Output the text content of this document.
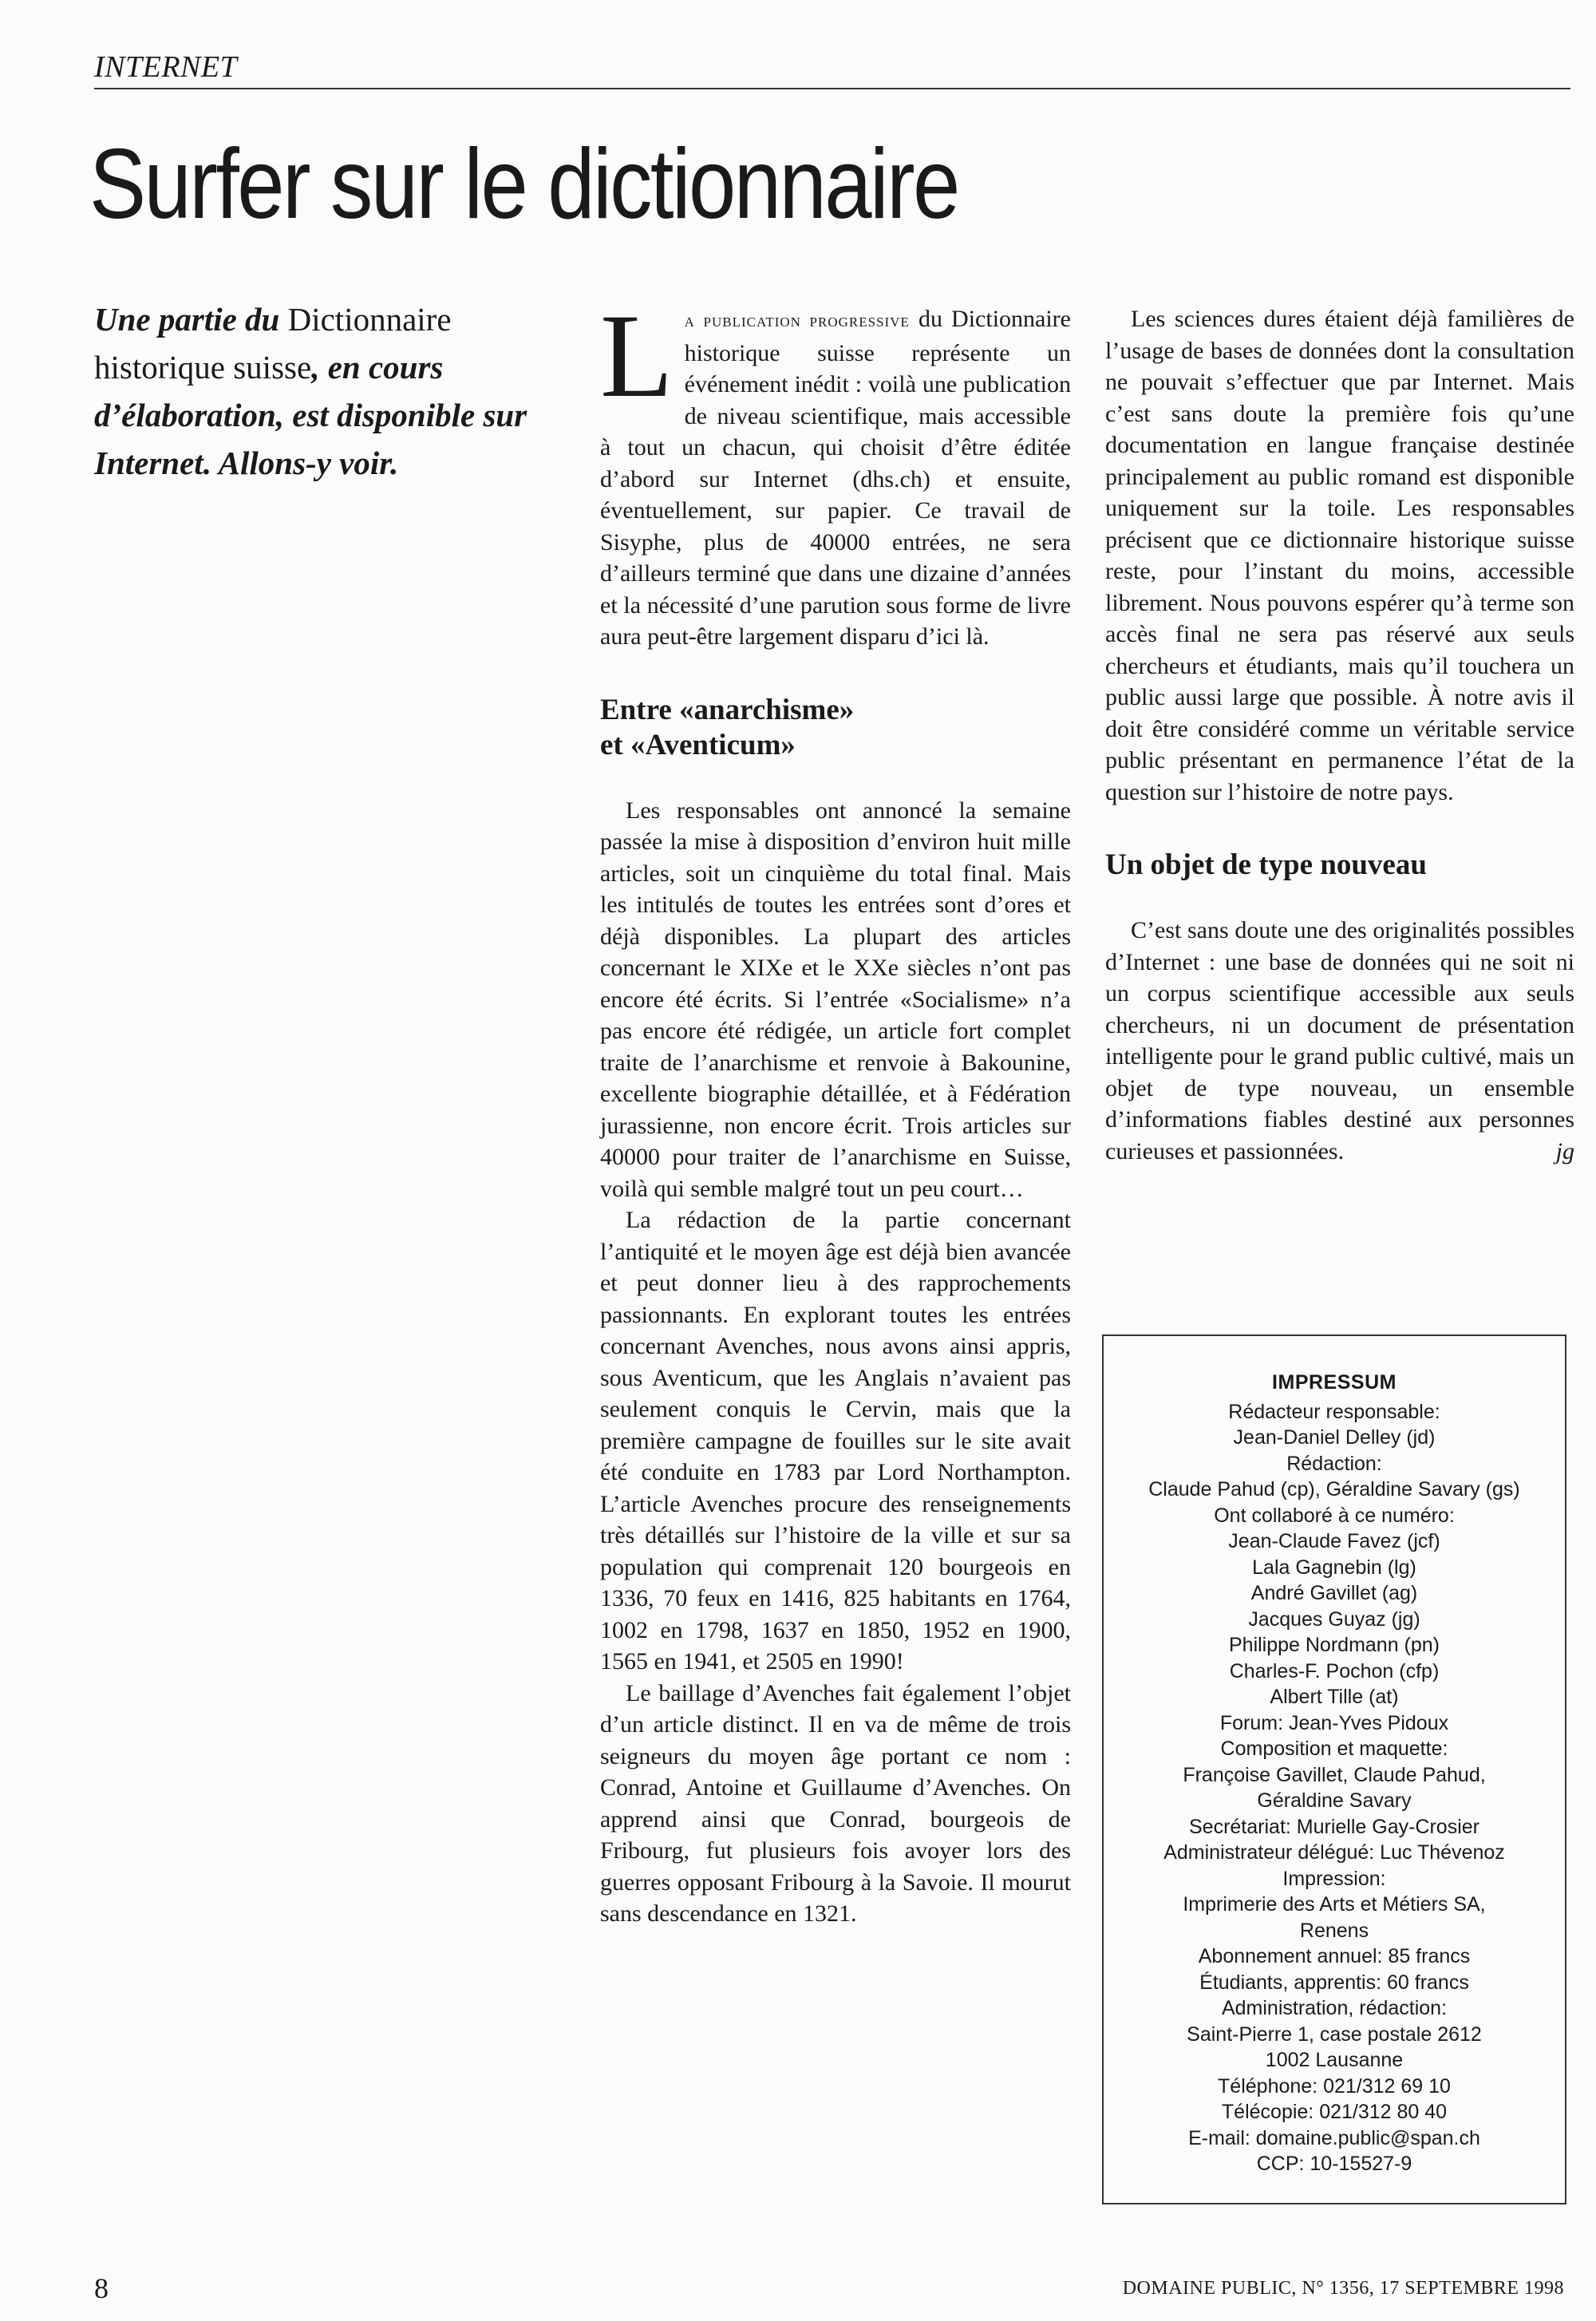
INTERNET
Surfer sur le dictionnaire
Une partie du Dictionnaire historique suisse, en cours d’élaboration, est disponible sur Internet. Allons-y voir.

La publication progressive du Dictionnaire historique suisse représente un événement inédit : voilà une publication de niveau scientifique, mais accessible à tout un chacun, qui choisit d’être éditée d’abord sur Internet (dhs.ch) et ensuite, éventuellement, sur papier. Ce travail de Sisyphe, plus de 40000 entrées, ne sera d’ailleurs terminé que dans une dizaine d’années et la nécessité d’une parution sous forme de livre aura peut-être largement disparu d’ici là.

Entre «anarchisme»
et «Aventicum»

Les responsables ont annoncé la semaine passée la mise à disposition d’environ huit mille articles, soit un cinquième du total final. Mais les intitulés de toutes les entrées sont d’ores et déjà disponibles. La plupart des articles concernant le XIXe et le XXe siècles n’ont pas encore été écrits. Si l’entrée «Socialisme» n’a pas encore été rédigée, un article fort complet traite de l’anarchisme et renvoie à Bakounine, excellente biographie détaillée, et à Fédération jurassienne, non encore écrit. Trois articles sur 40000 pour traiter de l’anarchisme en Suisse, voilà qui semble malgré tout un peu court…

La rédaction de la partie concernant l’antiquité et le moyen âge est déjà bien avancée et peut donner lieu à des rapprochements passionnants. En explorant toutes les entrées concernant Avenches, nous avons ainsi appris, sous Aventicum, que les Anglais n’avaient pas seulement conquis le Cervin, mais que la première campagne de fouilles sur le site avait été conduite en 1783 par Lord Northampton. L’article Avenches procure des renseignements très détaillés sur l’histoire de la ville et sur sa population qui comprenait 120 bourgeois en 1336, 70 feux en 1416, 825 habitants en 1764, 1002 en 1798, 1637 en 1850, 1952 en 1900, 1565 en 1941, et 2505 en 1990!

Le baillage d’Avenches fait également l’objet d’un article distinct. Il en va de même de trois seigneurs du moyen âge portant ce nom : Conrad, Antoine et Guillaume d’Avenches. On apprend ainsi que Conrad, bourgeois de Fribourg, fut plusieurs fois avoyer lors des guerres opposant Fribourg à la Savoie. Il mourut sans descendance en 1321.

Les sciences dures étaient déjà familières de l’usage de bases de données dont la consultation ne pouvait s’effectuer que par Internet. Mais c’est sans doute la première fois qu’une documentation en langue française destinée principalement au public romand est disponible uniquement sur la toile. Les responsables précisent que ce dictionnaire historique suisse reste, pour l’instant du moins, accessible librement. Nous pouvons espérer qu’à terme son accès final ne sera pas réservé aux seuls chercheurs et étudiants, mais qu’il touchera un public aussi large que possible. À notre avis il doit être considéré comme un véritable service public présentant en permanence l’état de la question sur l’histoire de notre pays.

Un objet de type nouveau

C’est sans doute une des originalités possibles d’Internet : une base de données qui ne soit ni un corpus scientifique accessible aux seuls chercheurs, ni un document de présentation intelligente pour le grand public cultivé, mais un objet de type nouveau, un ensemble d’informations fiables destiné aux personnes curieuses et passionnées.	jg

IMPRESSUM
Rédacteur responsable:
Jean-Daniel Delley (jd)
Rédaction:
Claude Pahud (cp), Géraldine Savary (gs)
Ont collaboré à ce numéro:
Jean-Claude Favez (jcf)
Lala Gagnebin (lg)
André Gavillet (ag)
Jacques Guyaz (jg)
Philippe Nordmann (pn)
Charles-F. Pochon (cfp)
Albert Tille (at)
Forum: Jean-Yves Pidoux
Composition et maquette:
Françoise Gavillet, Claude Pahud,
Géraldine Savary
Secrétariat: Murielle Gay-Crosier
Administrateur délégué: Luc Thévenoz
Impression:
Imprimerie des Arts et Métiers SA,
Renens
Abonnement annuel: 85 francs
Étudiants, apprentis: 60 francs
Administration, rédaction:
Saint-Pierre 1, case postale 2612
1002 Lausanne
Téléphone: 021/312 69 10
Télécopie: 021/312 80 40
E-mail: domaine.public@span.ch
CCP: 10-15527-9
8	DOMAINE PUBLIC, N° 1356, 17 SEPTEMBRE 1998
